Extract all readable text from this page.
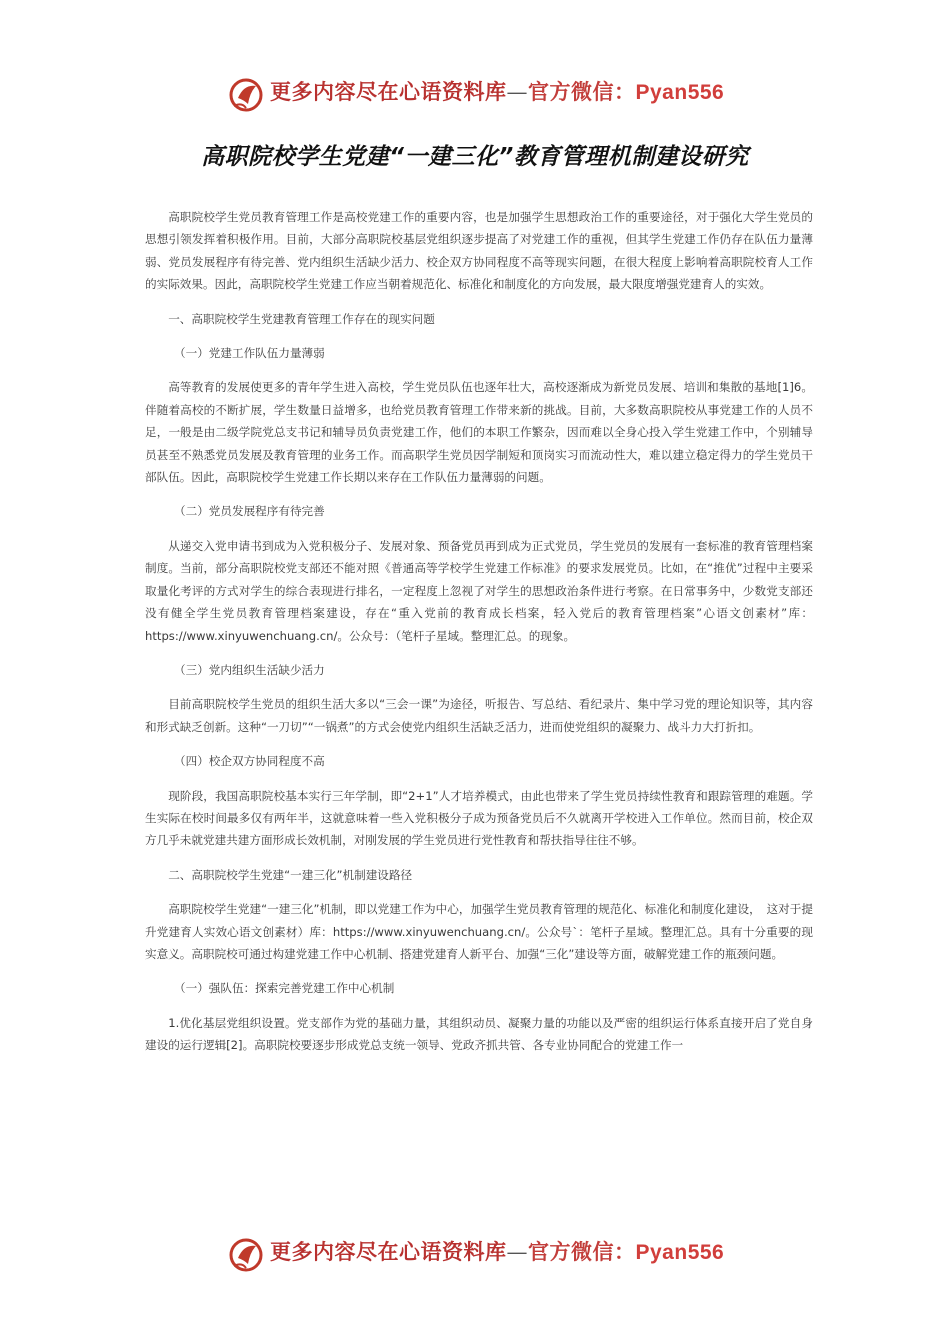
更多内容尽在心语资料库—官方微信：Pyan556
高职院校学生党建“一建三化”教育管理机制建设研究

高职院校学生党员教育管理工作是高校党建工作的重要内容，也是加强学生思想政治工作的重要途径，对于强化大学生党员的思想引领发挥着积极作用。目前，大部分高职院校基层党组织逐步提高了对党建工作的重视，但其学生党建工作仍存在队伍力量薄弱、党员发展程序有待完善、党内组织生活缺少活力、校企双方协同程度不高等现实问题，在很大程度上影响着高职院校育人工作的实际效果。因此，高职院校学生党建工作应当朝着规范化、标准化和制度化的方向发展，最大限度增强党建育人的实效。

一、高职院校学生党建教育管理工作存在的现实问题

（一）党建工作队伍力量薄弱

高等教育的发展使更多的青年学生进入高校，学生党员队伍也逐年壮大，高校逐渐成为新党员发展、培训和集散的基地[1]6。伴随着高校的不断扩展，学生数量日益增多，也给党员教育管理工作带来新的挑战。目前，大多数高职院校从事党建工作的人员不足，一般是由二级学院党总支书记和辅导员负责党建工作，他们的本职工作繁杂，因而难以全身心投入学生党建工作中，个别辅导员甚至不熟悉党员发展及教育管理的业务工作。而高职学生党员因学制短和顶岗实习而流动性大，难以建立稳定得力的学生党员干部队伍。因此，高职院校学生党建工作长期以来存在工作队伍力量薄弱的问题。

（二）党员发展程序有待完善

从递交入党申请书到成为入党积极分子、发展对象、预备党员再到成为正式党员，学生党员的发展有一套标准的教育管理档案制度。当前，部分高职院校党支部还不能对照《普通高等学校学生党建工作标准》的要求发展党员。比如，在“推优”过程中主要采取量化考评的方式对学生的综合表现进行排名，一定程度上忽视了对学生的思想政治条件进行考察。在日常事务中，少数党支部还没有健全学生党员教育管理档案建设，存在“重入党前的教育成长档案，轻入党后的教育管理档案”心语文创素材”库：https://www.xinyuwenchuang.cn/。公众号：（笔杆子星域。整理汇总。的现象。

（三）党内组织生活缺少活力

目前高职院校学生党员的组织生活大多以“三会一课”为途径，听报告、写总结、看纪录片、集中学习党的理论知识等，其内容和形式缺乏创新。这种“一刀切”“一锅煮”的方式会使党内组织生活缺乏活力，进而使党组织的凝聚力、战斗力大打折扣。

（四）校企双方协同程度不高

现阶段，我国高职院校基本实行三年学制，即“2+1”人才培养模式，由此也带来了学生党员持续性教育和跟踪管理的难题。学生实际在校时间最多仅有两年半，这就意味着一些入党积极分子成为预备党员后不久就离开学校进入工作单位。然而目前，校企双方几乎未就党建共建方面形成长效机制，对刚发展的学生党员进行党性教育和帮扶指导往往不够。

二、高职院校学生党建“一建三化”机制建设路径

高职院校学生党建“一建三化”机制，即以党建工作为中心，加强学生党员教育管理的规范化、标准化和制度化建设，　这对于提升党建育人实效心语文创素材）库：https://www.xinyuwenchuang.cn/。公众号`：笔杆子星域。整理汇总。具有十分重要的现实意义。高职院校可通过构建党建工作中心机制、搭建党建育人新平台、加强“三化”建设等方面，破解党建工作的瓶颈问题。

（一）强队伍：探索完善党建工作中心机制

1.优化基层党组织设置。党支部作为党的基础力量，其组织动员、凝聚力量的功能以及严密的组织运行体系直接开启了党自身建设的运行逻辑[2]。高职院校要逐步形成党总支统一领导、党政齐抓共管、各专业协同配合的党建工作一

更多内容尽在心语资料库—官方微信：Pyan556
